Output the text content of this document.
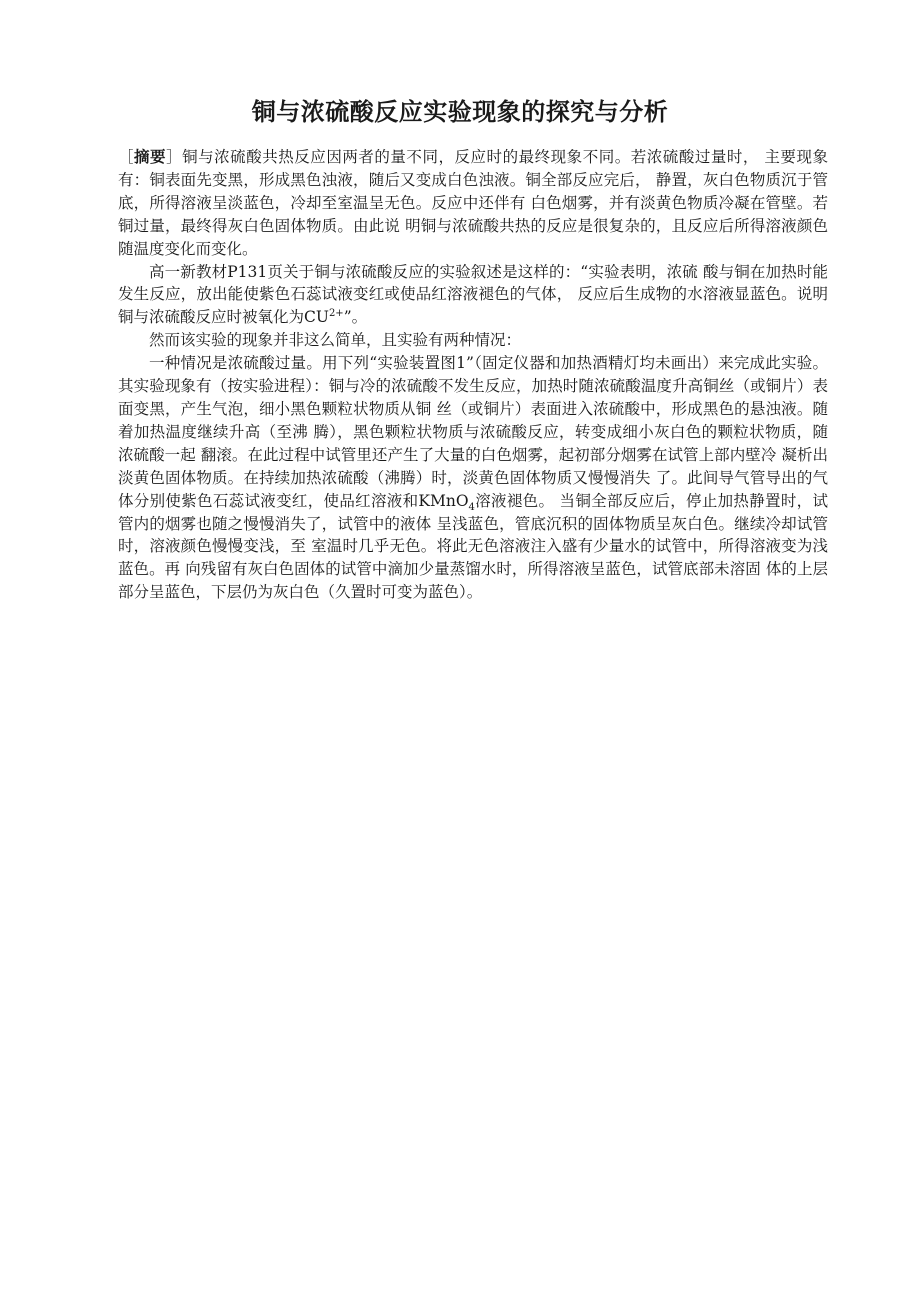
铜与浓硫酸反应实验现象的探究与分析

［摘要］铜与浓硫酸共热反应因两者的量不同，反应时的最终现象不同。若浓硫酸过量时， 主要现象有：铜表面先变黑，形成黑色浊液，随后又变成白色浊液。铜全部反应完后， 静置，灰白色物质沉于管底，所得溶液呈淡蓝色，冷却至室温呈无色。反应中还伴有 白色烟雾，并有淡黄色物质冷凝在管壁。若铜过量，最终得灰白色固体物质。由此说 明铜与浓硫酸共热的反应是很复杂的，且反应后所得溶液颜色随温度变化而变化。

高一新教材P131页关于铜与浓硫酸反应的实验叙述是这样的：“实验表明，浓硫 酸与铜在加热时能发生反应，放出能使紫色石蕊试液变红或使品红溶液褪色的气体， 反应后生成物的水溶液显蓝色。说明铜与浓硫酸反应时被氧化为$CU^{2+}$”。

然而该实验的现象并非这么简单，且实验有两种情况：

一种情况是浓硫酸过量。用下列“实验装置图1”（固定仪器和加热酒精灯均未画出）来完成此实验。其实验现象有（按实验进程）：铜与冷的浓硫酸不发生反应，加热时随浓硫酸温度升高铜丝（或铜片）表面变黑，产生气泡，细小黑色颗粒状物质从铜 丝（或铜片）表面进入浓硫酸中，形成黑色的悬浊液。随着加热温度继续升高（至沸 腾），黑色颗粒状物质与浓硫酸反应，转变成细小灰白色的颗粒状物质，随浓硫酸一起 翻滚。在此过程中试管里还产生了大量的白色烟雾，起初部分烟雾在试管上部内壁冷 凝析出淡黄色固体物质。在持续加热浓硫酸（沸腾）时，淡黄色固体物质又慢慢消失 了。此间导气管导出的气体分别使紫色石蕊试液变红，使品红溶液和KMnO$_4$溶液褪色。 当铜全部反应后，停止加热静置时，试管内的烟雾也随之慢慢消失了，试管中的液体 呈浅蓝色，管底沉积的固体物质呈灰白色。继续冷却试管时，溶液颜色慢慢变浅，至 室温时几乎无色。将此无色溶液注入盛有少量水的试管中，所得溶液变为浅蓝色。再 向残留有灰白色固体的试管中滴加少量蒸馏水时，所得溶液呈蓝色，试管底部未溶固 体的上层部分呈蓝色，下层仍为灰白色（久置时可变为蓝色）。
